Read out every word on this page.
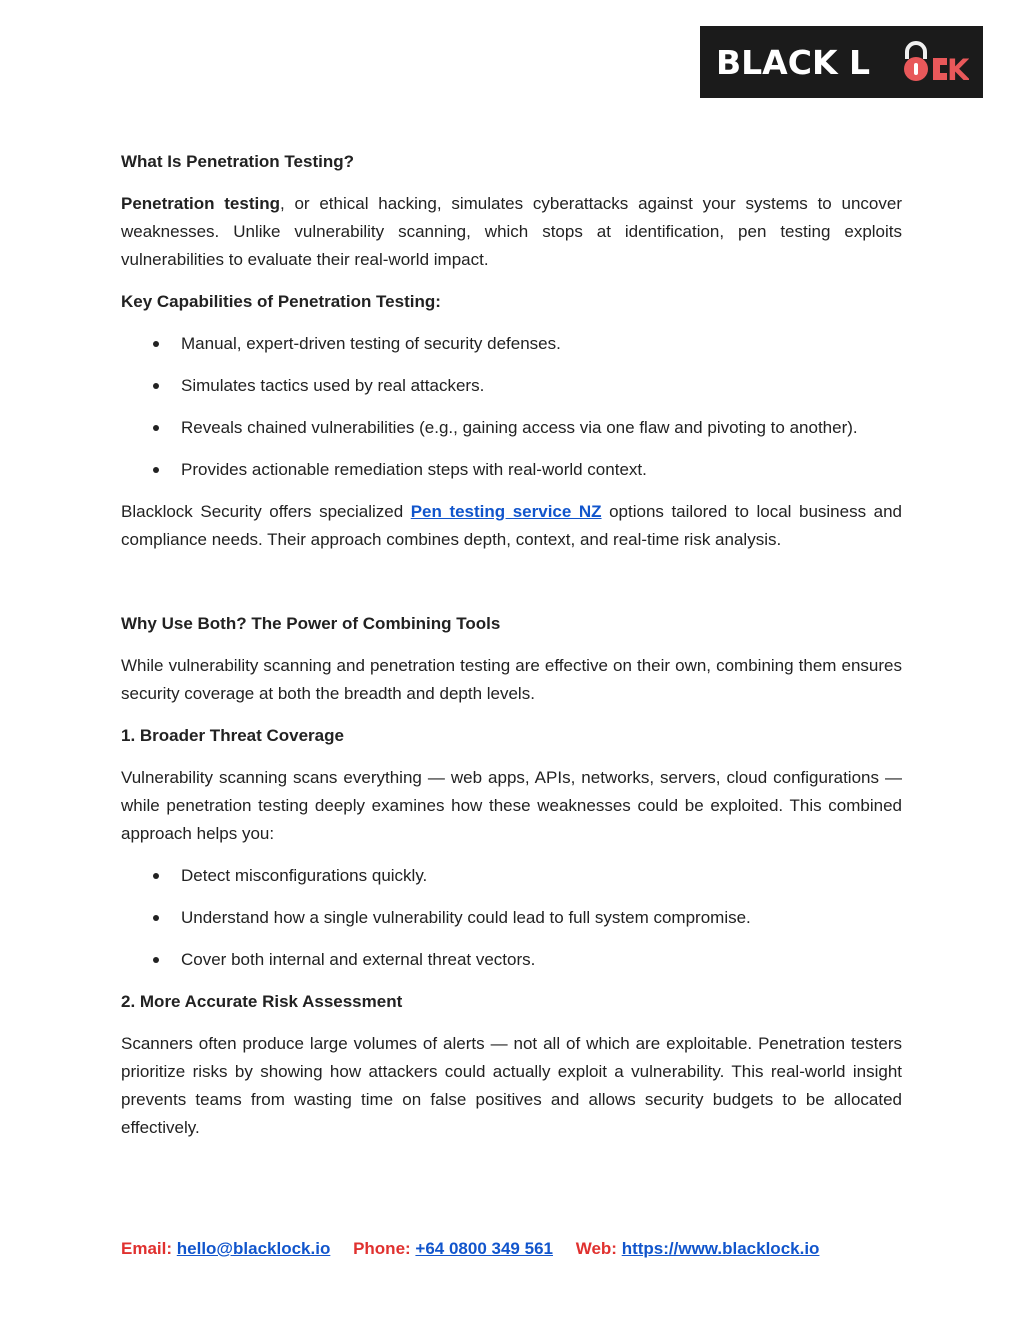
BLACK L	K
What Is Penetration Testing?

Penetration testing, or ethical hacking, simulates cyberattacks against your systems to uncover weaknesses. Unlike vulnerability scanning, which stops at identification, pen testing exploits vulnerabilities to evaluate their real-world impact.

Key Capabilities of Penetration Testing:
Manual, expert-driven testing of security defenses.
Simulates tactics used by real attackers.
Reveals chained vulnerabilities (e.g., gaining access via one flaw and pivoting to another).
Provides actionable remediation steps with real-world context.

Blacklock Security offers specialized Pen testing service NZ options tailored to local business and compliance needs. Their approach combines depth, context, and real-time risk analysis.

Why Use Both? The Power of Combining Tools

While vulnerability scanning and penetration testing are effective on their own, combining them ensures security coverage at both the breadth and depth levels.

1. Broader Threat Coverage

Vulnerability scanning scans everything — web apps, APIs, networks, servers, cloud configurations — while penetration testing deeply examines how these weaknesses could be exploited. This combined approach helps you:

Detect misconfigurations quickly.
Understand how a single vulnerability could lead to full system compromise.
Cover both internal and external threat vectors.
2. More Accurate Risk Assessment

Scanners often produce large volumes of alerts — not all of which are exploitable. Penetration testers prioritize risks by showing how attackers could actually exploit a vulnerability. This real-world insight prevents teams from wasting time on false positives and allows security budgets to be allocated effectively.

Email: hello@blacklock.io Phone: +64 0800 349 561 Web: https://www.blacklock.io
